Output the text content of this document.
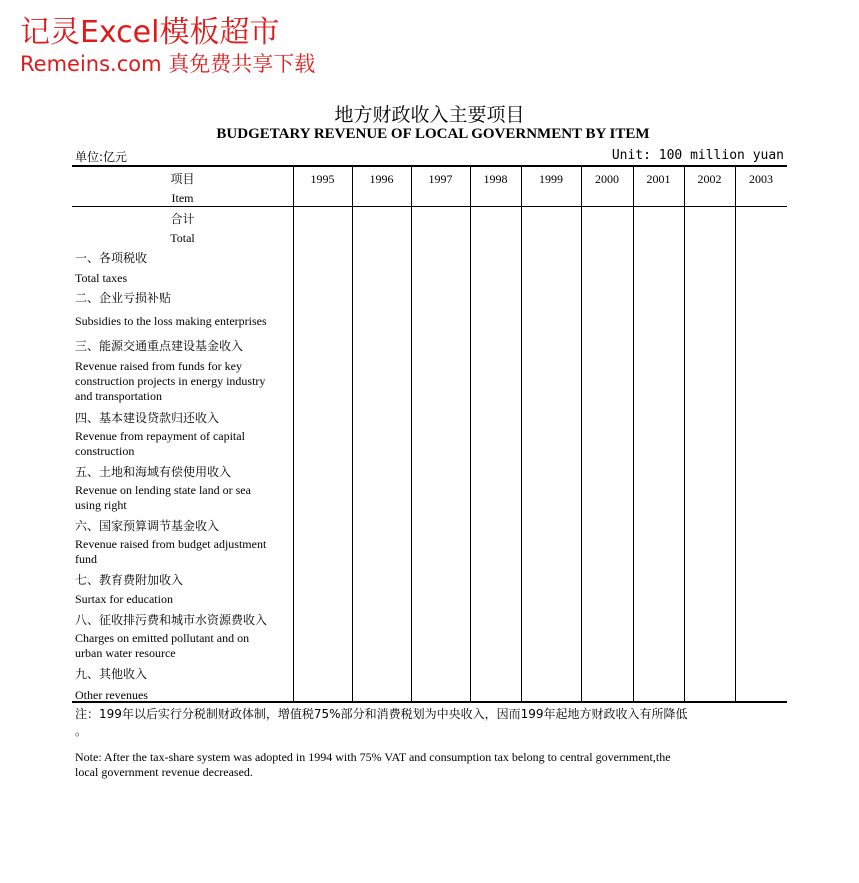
记灵Excel模板超市
Remeins.com 真免费共享下载
地方财政收入主要项目
BUDGETARY REVENUE OF LOCAL GOVERNMENT BY ITEM
单位:亿元	Unit: 100 million yuan
项目
Item
1995	1996	1997	1998	1999	2000	2001	2002	2003
合计
Total
一、各项税收
Total taxes
二、企业亏损补贴
Subsidies to the loss making enterprises
三、能源交通重点建设基金收入
Revenue raised from funds for key
construction projects in energy industry
and transportation
四、基本建设贷款归还收入
Revenue from repayment of capital
construction
五、土地和海域有偿使用收入
Revenue on lending state land or sea
using right
六、国家预算调节基金收入
Revenue raised from budget adjustment
fund
七、教育费附加收入
Surtax for education
八、征收排污费和城市水资源费收入
Charges on emitted pollutant and on
urban water resource
九、其他收入
Other revenues
注：199年以后实行分税制财政体制，增值税75%部分和消费税划为中央收入，因而199年起地方财政收入有所降低
。
Note: After the tax-share system was adopted in 1994 with 75% VAT and consumption tax belong to central government,the
local government revenue decreased.
